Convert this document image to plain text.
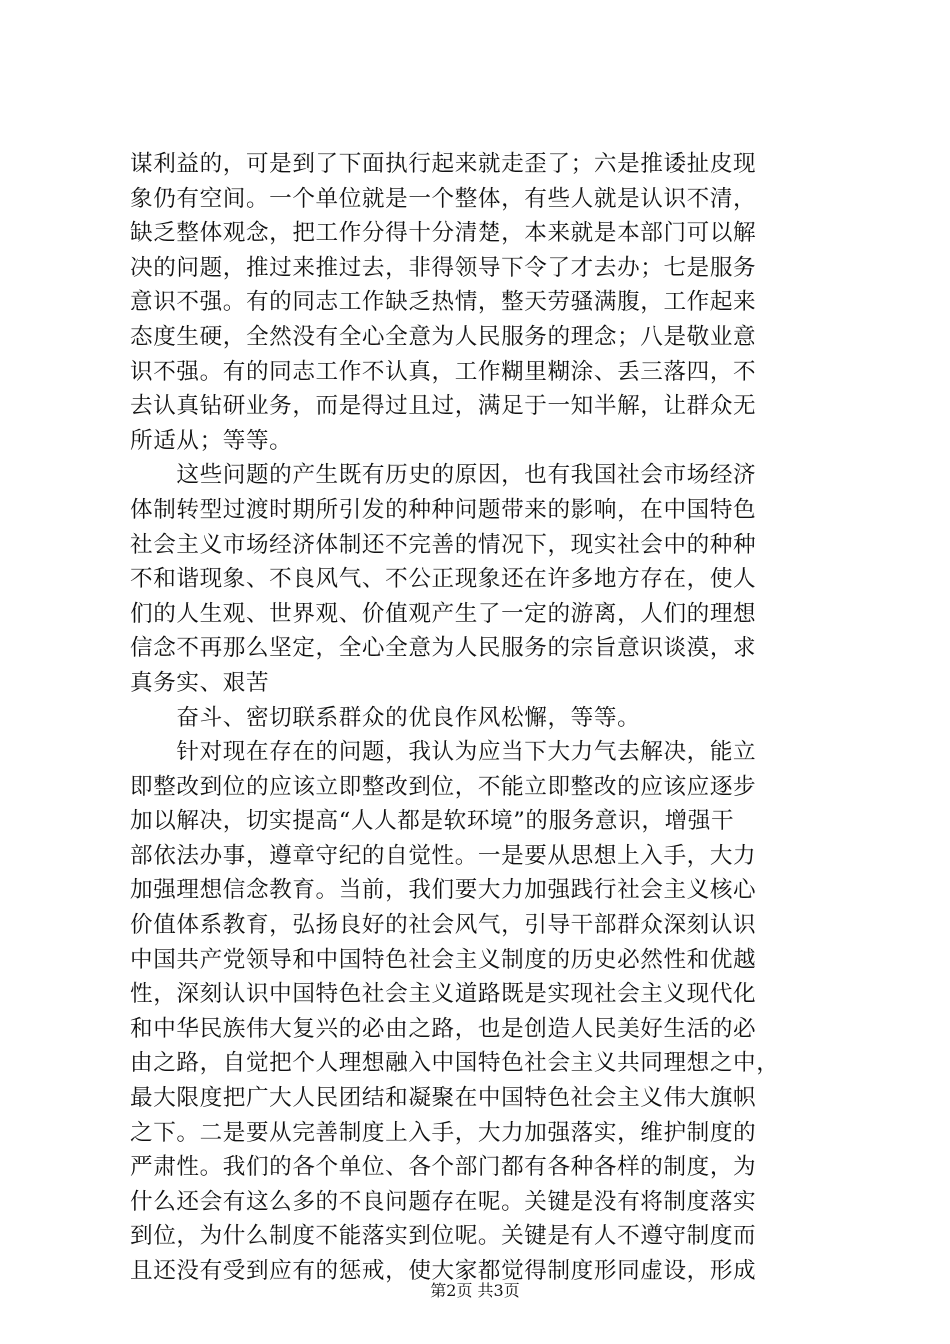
谋利益的，可是到了下面执行起来就走歪了；六是推诿扯皮现
象仍有空间。一个单位就是一个整体，有些人就是认识不清，
缺乏整体观念，把工作分得十分清楚，本来就是本部门可以解
决的问题，推过来推过去，非得领导下令了才去办；七是服务
意识不强。有的同志工作缺乏热情，整天劳骚满腹，工作起来
态度生硬，全然没有全心全意为人民服务的理念；八是敬业意
识不强。有的同志工作不认真，工作糊里糊涂、丢三落四，不
去认真钻研业务，而是得过且过，满足于一知半解，让群众无
所适从；等等。
　　这些问题的产生既有历史的原因，也有我国社会市场经济
体制转型过渡时期所引发的种种问题带来的影响，在中国特色
社会主义市场经济体制还不完善的情况下，现实社会中的种种
不和谐现象、不良风气、不公正现象还在许多地方存在，使人
们的人生观、世界观、价值观产生了一定的游离，人们的理想
信念不再那么坚定，全心全意为人民服务的宗旨意识谈漠，求
真务实、艰苦
　　奋斗、密切联系群众的优良作风松懈，等等。
　　针对现在存在的问题，我认为应当下大力气去解决，能立
即整改到位的应该立即整改到位，不能立即整改的应该应逐步
加以解决，切实提高“人人都是软环境”的服务意识，增强干
部依法办事，遵章守纪的自觉性。一是要从思想上入手，大力
加强理想信念教育。当前，我们要大力加强践行社会主义核心
价值体系教育，弘扬良好的社会风气，引导干部群众深刻认识
中国共产党领导和中国特色社会主义制度的历史必然性和优越
性，深刻认识中国特色社会主义道路既是实现社会主义现代化
和中华民族伟大复兴的必由之路，也是创造人民美好生活的必
由之路，自觉把个人理想融入中国特色社会主义共同理想之中，
最大限度把广大人民团结和凝聚在中国特色社会主义伟大旗帜
之下。二是要从完善制度上入手，大力加强落实，维护制度的
严肃性。我们的各个单位、各个部门都有各种各样的制度，为
什么还会有这么多的不良问题存在呢。关键是没有将制度落实
到位，为什么制度不能落实到位呢。关键是有人不遵守制度而
且还没有受到应有的惩戒，使大家都觉得制度形同虚设，形成
第2页 共3页
